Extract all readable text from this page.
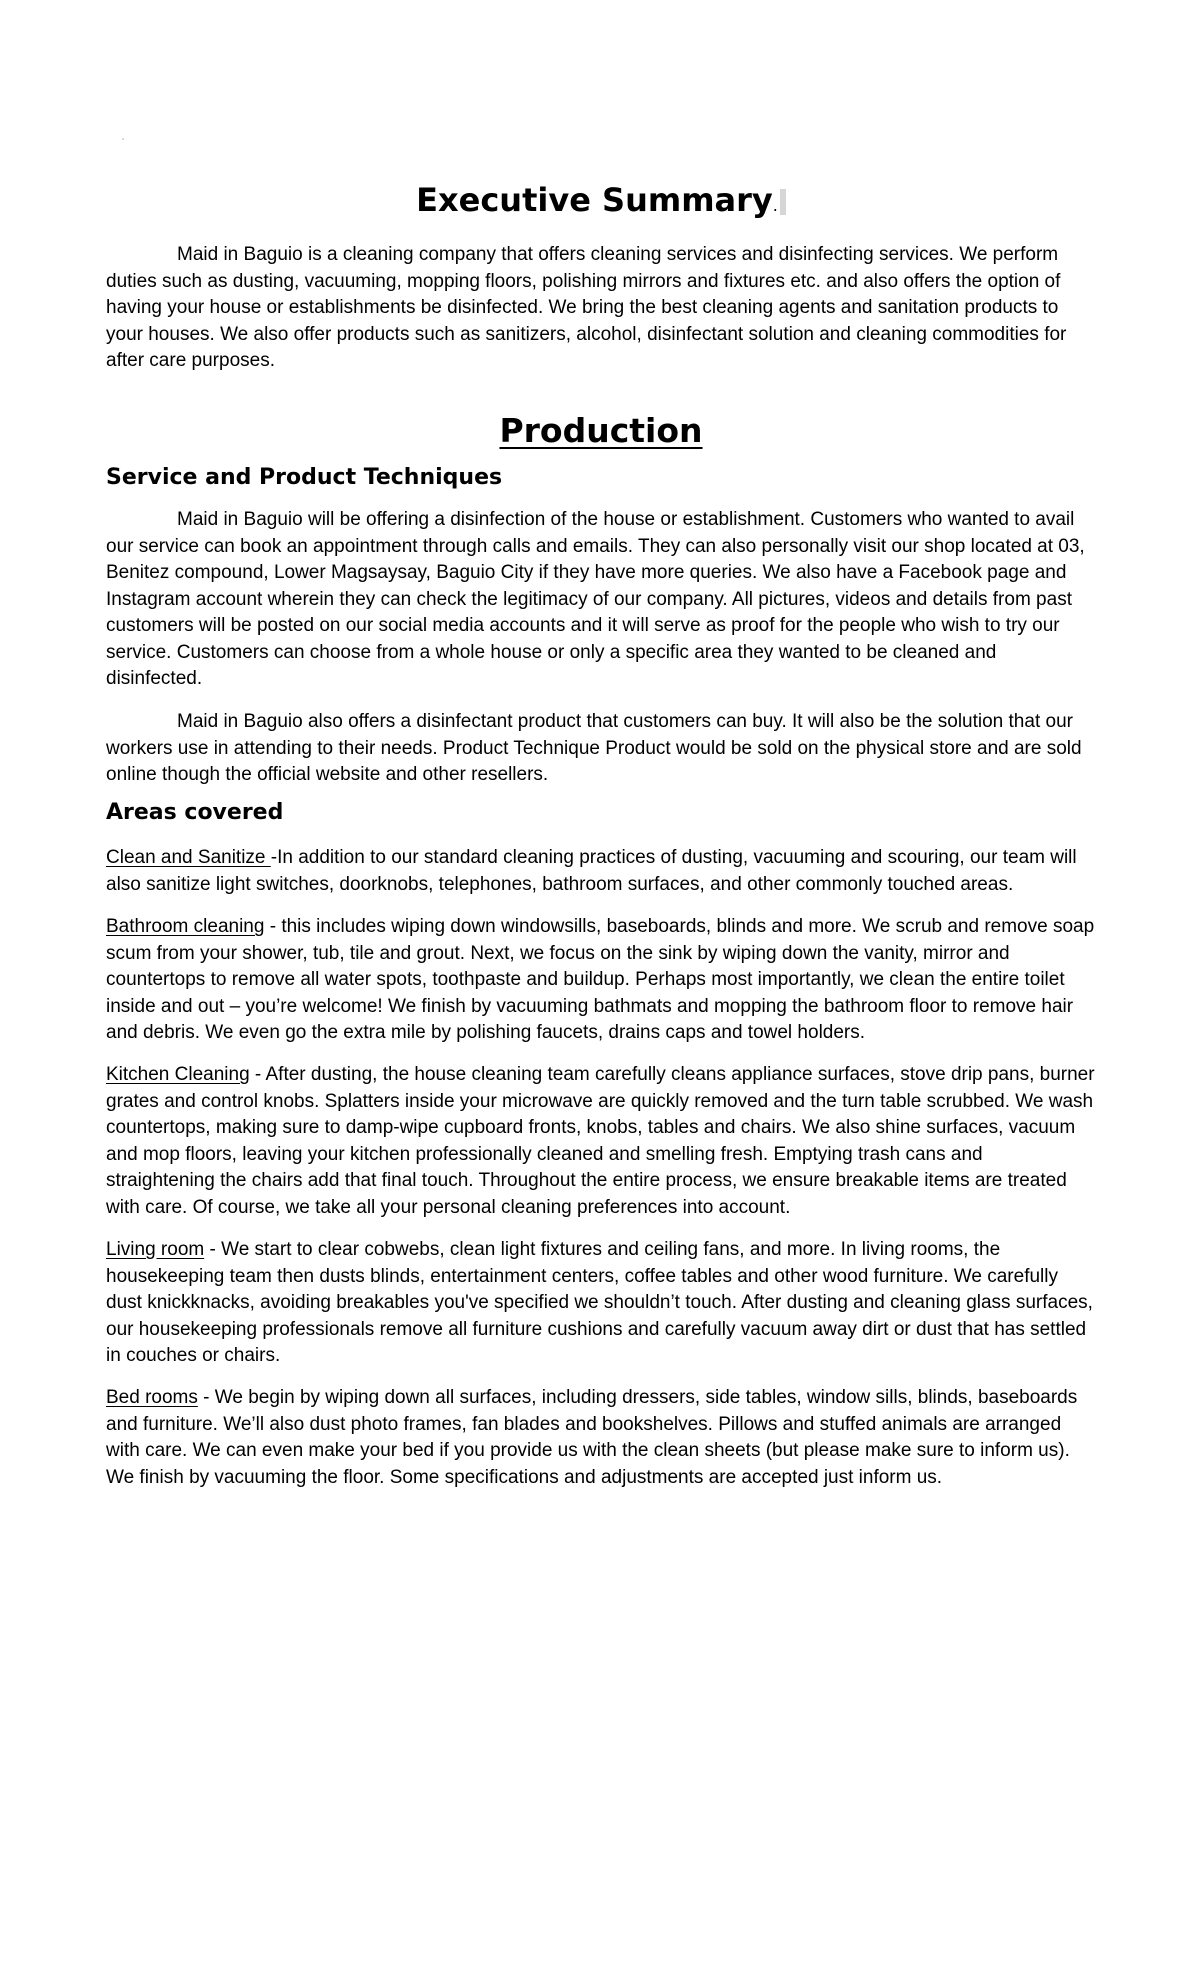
Executive Summary.

Maid in Baguio is a cleaning company that offers cleaning services and disinfecting services. We perform duties such as dusting, vacuuming, mopping floors, polishing mirrors and fixtures etc. and also offers the option of having your house or establishments be disinfected. We bring the best cleaning agents and sanitation products to your houses. We also offer products such as sanitizers, alcohol, disinfectant solution and cleaning commodities for after care purposes.

Production
Service and Product Techniques

Maid in Baguio will be offering a disinfection of the house or establishment. Customers who wanted to avail our service can book an appointment through calls and emails. They can also personally visit our shop located at 03, Benitez compound, Lower Magsaysay, Baguio City if they have more queries. We also have a Facebook page and Instagram account wherein they can check the legitimacy of our company. All pictures, videos and details from past customers will be posted on our social media accounts and it will serve as proof for the people who wish to try our service. Customers can choose from a whole house or only a specific area they wanted to be cleaned and disinfected.

Maid in Baguio also offers a disinfectant product that customers can buy. It will also be the solution that our workers use in attending to their needs. Product Technique Product would be sold on the physical store and are sold online though the official website and other resellers.

Areas covered

Clean and Sanitize -In addition to our standard cleaning practices of dusting, vacuuming and scouring, our team will also sanitize light switches, doorknobs, telephones, bathroom surfaces, and other commonly touched areas.

Bathroom cleaning - this includes wiping down windowsills, baseboards, blinds and more. We scrub and remove soap scum from your shower, tub, tile and grout. Next, we focus on the sink by wiping down the vanity, mirror and countertops to remove all water spots, toothpaste and buildup. Perhaps most importantly, we clean the entire toilet inside and out – you’re welcome! We finish by vacuuming bathmats and mopping the bathroom floor to remove hair and debris. We even go the extra mile by polishing faucets, drains caps and towel holders.

Kitchen Cleaning - After dusting, the house cleaning team carefully cleans appliance surfaces, stove drip pans, burner grates and control knobs. Splatters inside your microwave are quickly removed and the turn table scrubbed. We wash countertops, making sure to damp-wipe cupboard fronts, knobs, tables and chairs. We also shine surfaces, vacuum and mop floors, leaving your kitchen professionally cleaned and smelling fresh. Emptying trash cans and straightening the chairs add that final touch. Throughout the entire process, we ensure breakable items are treated with care. Of course, we take all your personal cleaning preferences into account.

Living room - We start to clear cobwebs, clean light fixtures and ceiling fans, and more. In living rooms, the housekeeping team then dusts blinds, entertainment centers, coffee tables and other wood furniture. We carefully dust knickknacks, avoiding breakables you've specified we shouldn’t touch. After dusting and cleaning glass surfaces, our housekeeping professionals remove all furniture cushions and carefully vacuum away dirt or dust that has settled in couches or chairs.

Bed rooms - We begin by wiping down all surfaces, including dressers, side tables, window sills, blinds, baseboards and furniture. We’ll also dust photo frames, fan blades and bookshelves. Pillows and stuffed animals are arranged with care. We can even make your bed if you provide us with the clean sheets (but please make sure to inform us). We finish by vacuuming the floor. Some specifications and adjustments are accepted just inform us.
